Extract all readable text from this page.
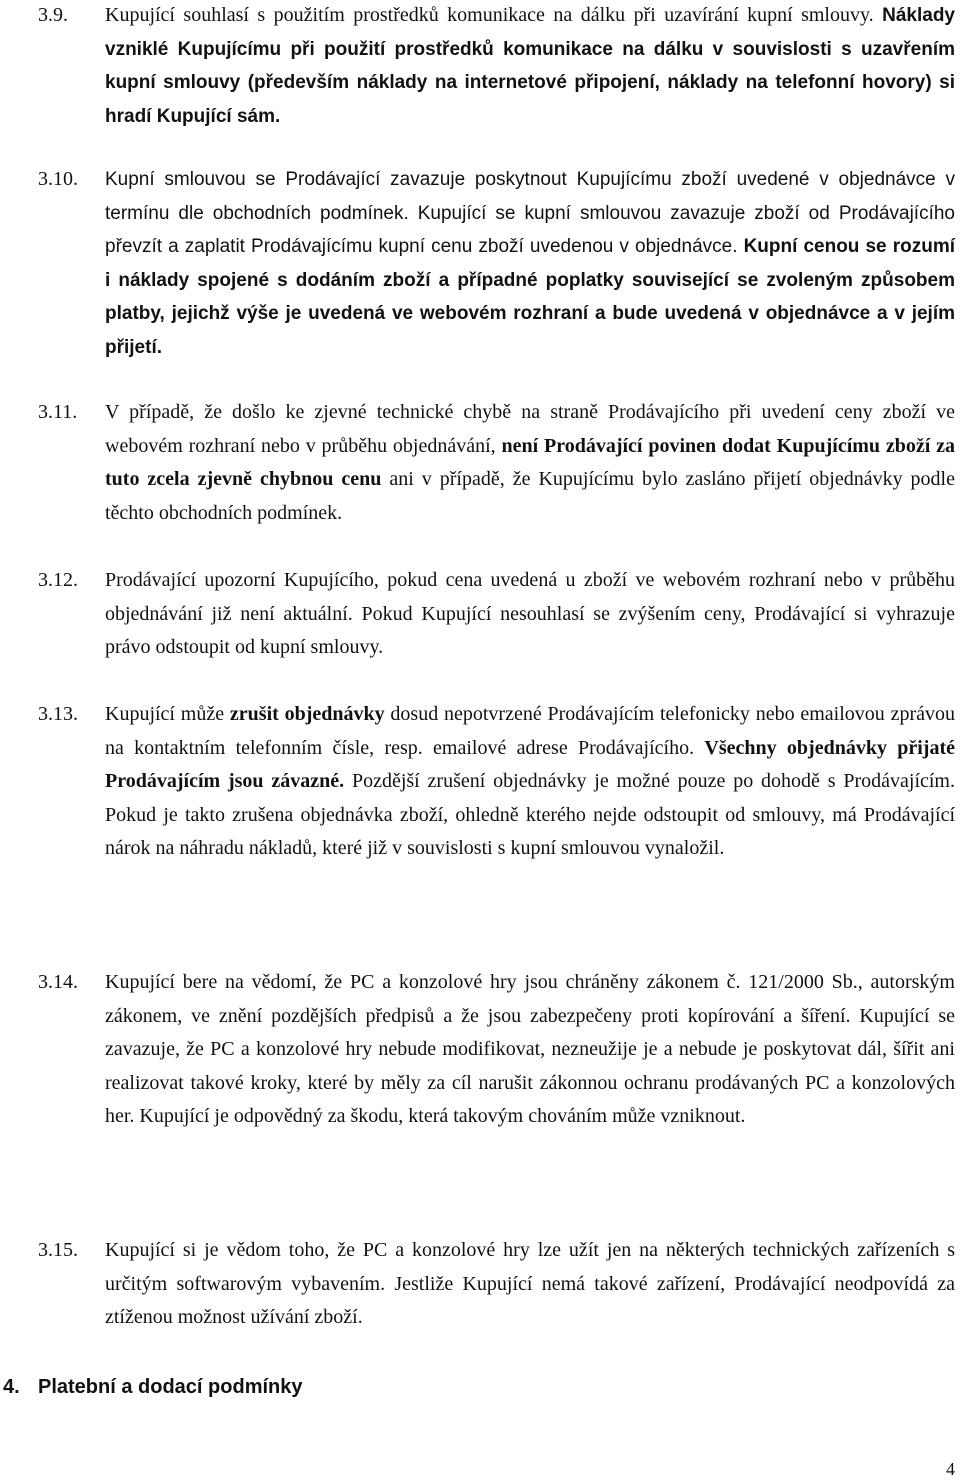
3.9. Kupující souhlasí s použitím prostředků komunikace na dálku při uzavírání kupní smlouvy. Náklady vzniklé Kupujícímu při použití prostředků komunikace na dálku v souvislosti s uzavřením kupní smlouvy (především náklady na internetové připojení, náklady na telefonní hovory) si hradí Kupující sám.

3.10. Kupní smlouvou se Prodávající zavazuje poskytnout Kupujícímu zboží uvedené v objednávce v termínu dle obchodních podmínek. Kupující se kupní smlouvou zavazuje zboží od Prodávajícího převzít a zaplatit Prodávajícímu kupní cenu zboží uvedenou v objednávce. Kupní cenou se rozumí i náklady spojené s dodáním zboží a případné poplatky související se zvoleným způsobem platby, jejichž výše je uvedená ve webovém rozhraní a bude uvedená v objednávce a v jejím přijetí.

3.11. V případě, že došlo ke zjevné technické chybě na straně Prodávajícího při uvedení ceny zboží ve webovém rozhraní nebo v průběhu objednávání, není Prodávající povinen dodat Kupujícímu zboží za tuto zcela zjevně chybnou cenu ani v případě, že Kupujícímu bylo zasláno přijetí objednávky podle těchto obchodních podmínek.

3.12. Prodávající upozorní Kupujícího, pokud cena uvedená u zboží ve webovém rozhraní nebo v průběhu objednávání již není aktuální. Pokud Kupující nesouhlasí se zvýšením ceny, Prodávající si vyhrazuje právo odstoupit od kupní smlouvy.

3.13. Kupující může zrušit objednávky dosud nepotvrzené Prodávajícím telefonicky nebo emailovou zprávou na kontaktním telefonním čísle, resp. emailové adrese Prodávajícího. Všechny objednávky přijaté Prodávajícím jsou závazné. Pozdější zrušení objednávky je možné pouze po dohodě s Prodávajícím. Pokud je takto zrušena objednávka zboží, ohledně kterého nejde odstoupit od smlouvy, má Prodávající nárok na náhradu nákladů, které již v souvislosti s kupní smlouvou vynaložil.

3.14. Kupující bere na vědomí, že PC a konzolové hry jsou chráněny zákonem č. 121/2000 Sb., autorským zákonem, ve znění pozdějších předpisů a že jsou zabezpečeny proti kopírování a šíření. Kupující se zavazuje, že PC a konzolové hry nebude modifikovat, nezneužije je a nebude je poskytovat dál, šířit ani realizovat takové kroky, které by měly za cíl narušit zákonnou ochranu prodávaných PC a konzolových her. Kupující je odpovědný za škodu, která takovým chováním může vzniknout.

3.15. Kupující si je vědom toho, že PC a konzolové hry lze užít jen na některých technických zařízeních s určitým softwarovým vybavením. Jestliže Kupující nemá takové zařízení, Prodávající neodpovídá za ztíženou možnost užívání zboží.

4. Platební a dodací podmínky
4
